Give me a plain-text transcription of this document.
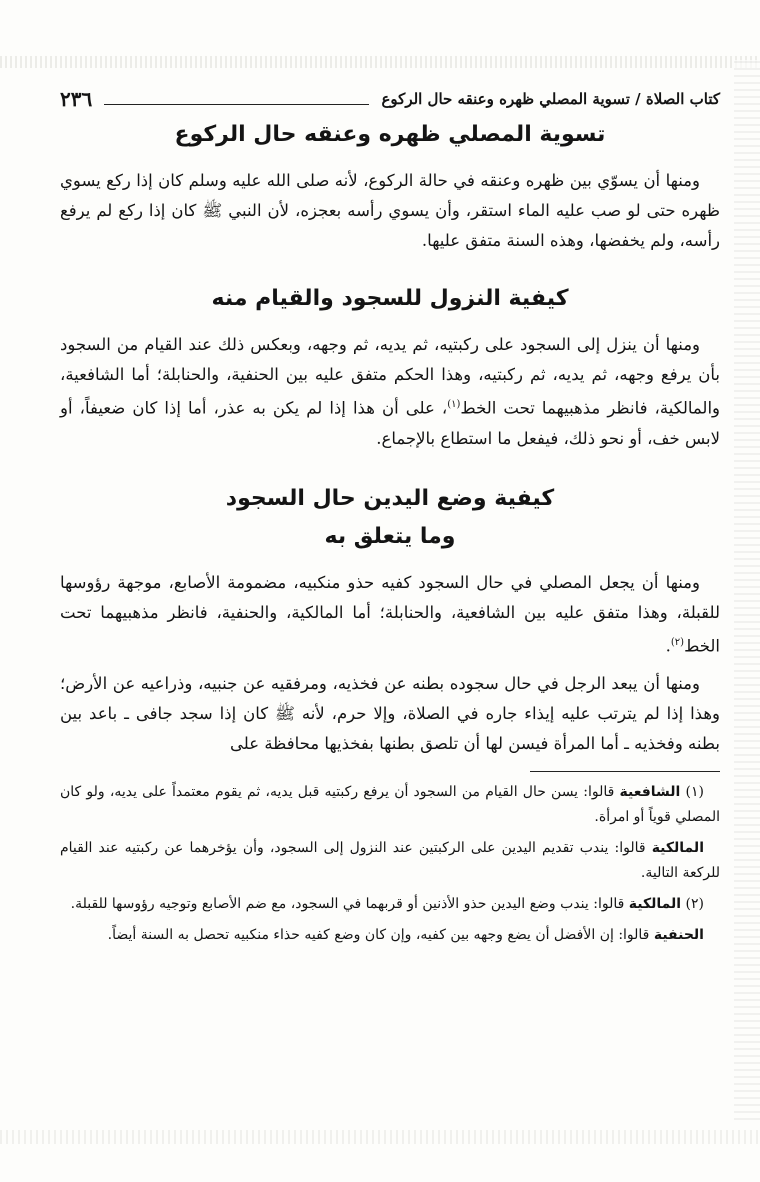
كتاب الصلاة / تسوية المصلي ظهره وعنقه حال الركوع
٢٣٦
تسوية المصلي ظهره وعنقه حال الركوع

ومنها أن يسوّي بين ظهره وعنقه في حالة الركوع، لأنه صلى الله عليه وسلم كان إذا ركع يسوي ظهره حتى لو صب عليه الماء استقر، وأن يسوي رأسه بعجزه، لأن النبي ﷺ كان إذا ركع لم يرفع رأسه، ولم يخفضها، وهذه السنة متفق عليها.

كيفية النزول للسجود والقيام منه

ومنها أن ينزل إلى السجود على ركبتيه، ثم يديه، ثم وجهه، وبعكس ذلك عند القيام من السجود بأن يرفع وجهه، ثم يديه، ثم ركبتيه، وهذا الحكم متفق عليه بين الحنفية، والحنابلة؛ أما الشافعية، والمالكية، فانظر مذهبيهما تحت الخط$^{(١)}$، على أن هذا إذا لم يكن به عذر، أما إذا كان ضعيفاً، أو لابس خف، أو نحو ذلك، فيفعل ما استطاع بالإجماع.

كيفية وضع اليدين حال السجود
وما يتعلق به

ومنها أن يجعل المصلي في حال السجود كفيه حذو منكبيه، مضمومة الأصابع، موجهة رؤوسها للقبلة، وهذا متفق عليه بين الشافعية، والحنابلة؛ أما المالكية، والحنفية، فانظر مذهبيهما تحت الخط$^{(٢)}$.

ومنها أن يبعد الرجل في حال سجوده بطنه عن فخذيه، ومرفقيه عن جنبيه، وذراعيه عن الأرض؛ وهذا إذا لم يترتب عليه إيذاء جاره في الصلاة، وإلا حرم، لأنه ﷺ كان إذا سجد جافى ـ باعد بين بطنه وفخذيه ـ أما المرأة فيسن لها أن تلصق بطنها بفخذيها محافظة على

(١) الشافعية قالوا: يسن حال القيام من السجود أن يرفع ركبتيه قبل يديه، ثم يقوم معتمداً على يديه، ولو كان المصلي قوياً أو امرأة.

المالكية قالوا: يندب تقديم اليدين على الركبتين عند النزول إلى السجود، وأن يؤخرهما عن ركبتيه عند القيام للركعة التالية.

(٢) المالكية قالوا: يندب وضع اليدين حذو الأذنين أو قربهما في السجود، مع ضم الأصابع وتوجيه رؤوسها للقبلة.

الحنفية قالوا: إن الأفضل أن يضع وجهه بين كفيه، وإن كان وضع كفيه حذاء منكبيه تحصل به السنة أيضاً.
